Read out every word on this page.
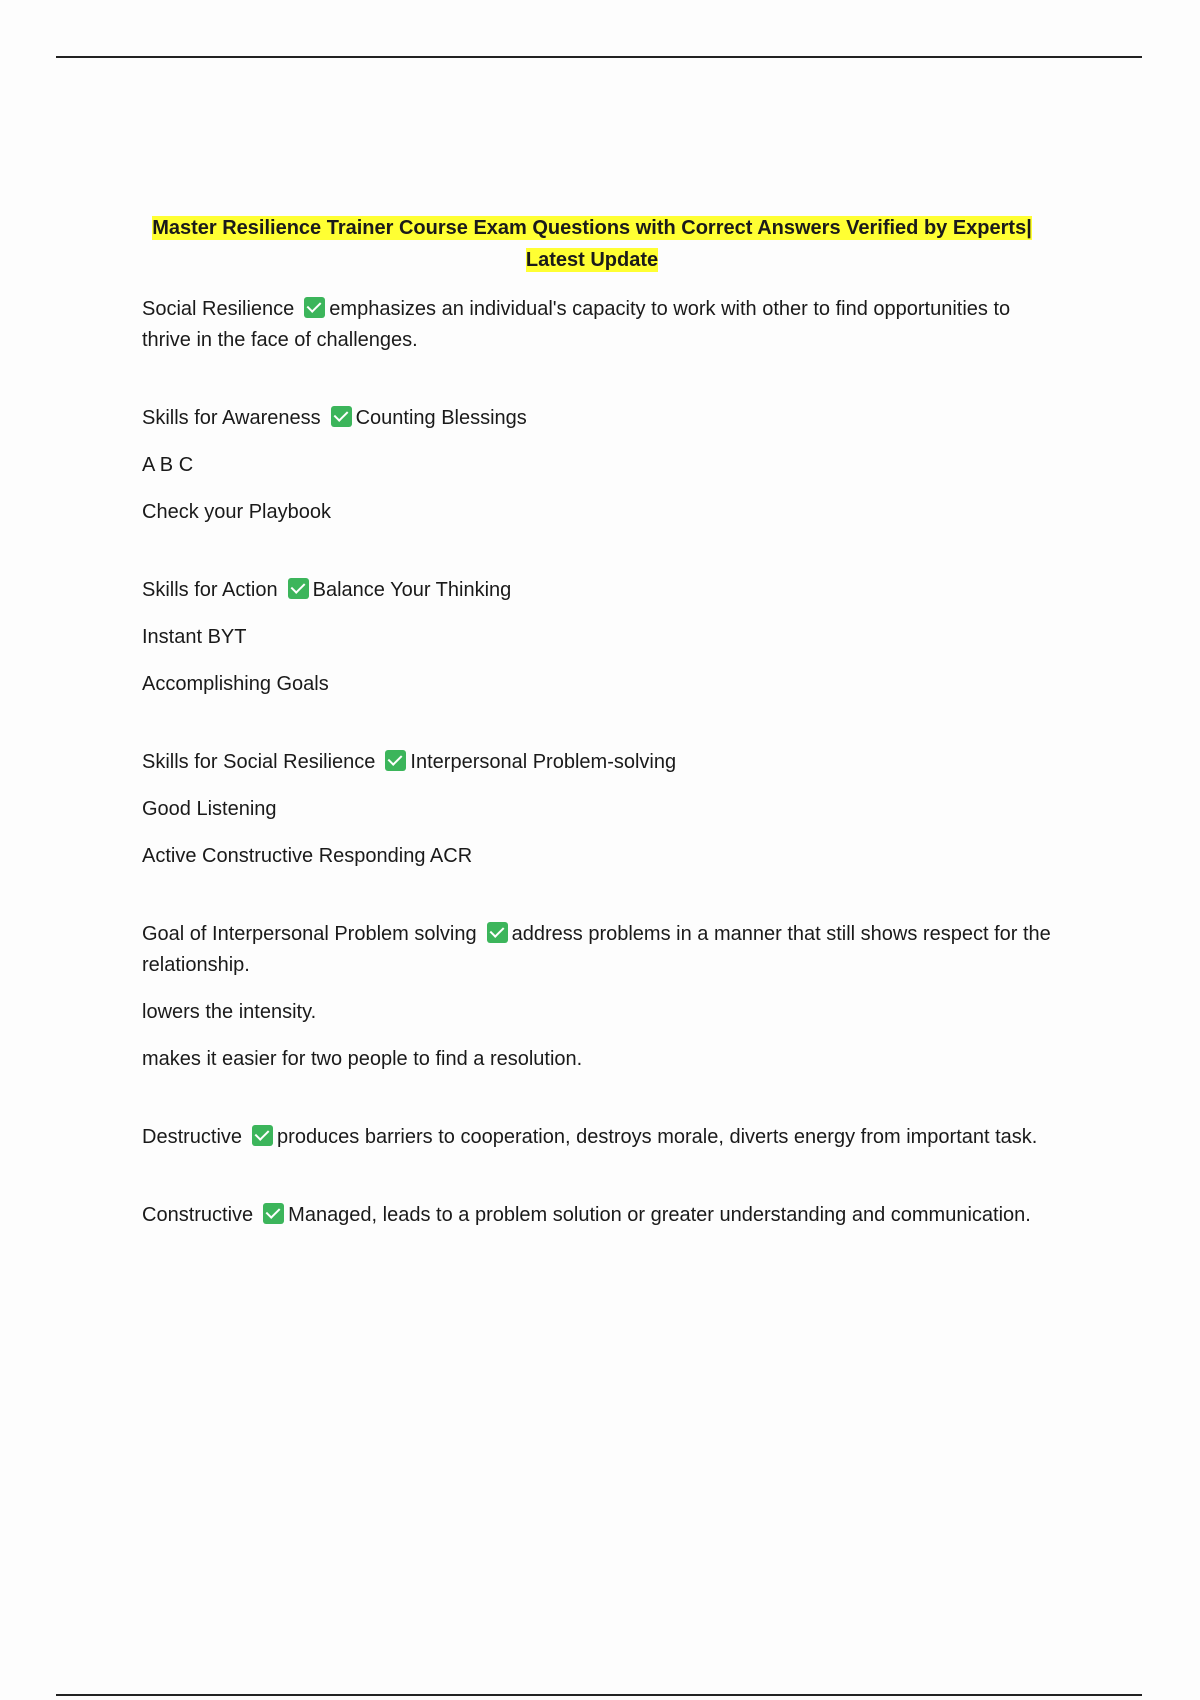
Master Resilience Trainer Course Exam Questions with Correct Answers Verified by Experts|
Latest Update

Social Resilience emphasizes an individual's capacity to work with other to find opportunities to thrive in the face of challenges.

Skills for Awareness Counting Blessings

A B C

Check your Playbook

Skills for Action Balance Your Thinking

Instant BYT

Accomplishing Goals

Skills for Social Resilience Interpersonal Problem-solving

Good Listening

Active Constructive Responding ACR

Goal of Interpersonal Problem solving address problems in a manner that still shows respect for the relationship.

lowers the intensity.

makes it easier for two people to find a resolution.

Destructive produces barriers to cooperation, destroys morale, diverts energy from important task.

Constructive Managed, leads to a problem solution or greater understanding and communication.
